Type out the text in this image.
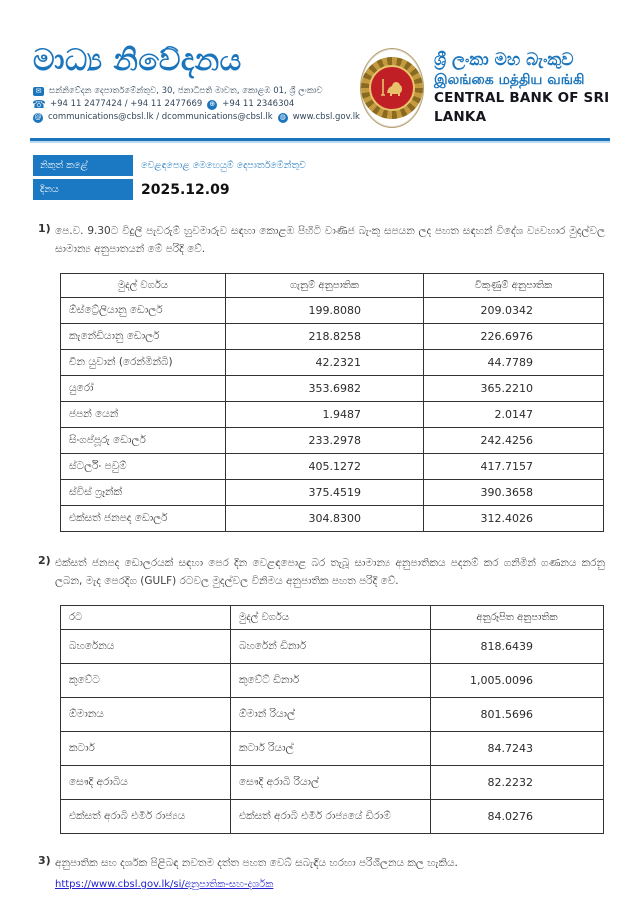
මාධ්‍ය නිවේදනය
✉ සන්නිවේදන දෙපාර්තමේන්තුව, 30, ජනාධිපති මාවත, කොළඹ 01, ශ්‍රී ලංකාව
☎ +94 11 2477424 / +94 11 2477669 ⊕ +94 11 2346304
@ communications@cbsl.lk / dcommunications@cbsl.lk ◍ www.cbsl.gov.lk
ශ්‍රී ලංකා මහ බැංකුව
இலங்கை மத்திய வங்கி
CENTRAL BANK OF SRI LANKA
නිකුත් කළේ	වෙළඳපොළ මෙහෙයුම් දෙපාර්තමේන්තුව
දිනය	2025.12.09
1) පෙ.ව. 9.30ට විදුලි පැවරුම් හුවමාරුව සඳහා කොළඹ පිහිටි වාණිජ බැංකු සපයන ලද පහත සඳහන් විදේශ ව්‍යවහාර මුදල්වල සාමාන්‍ය අනුපාතයන් මේ පරිදි වේ.

මුදල් වර්ගය	ගැනුම් අනුපාතික	විකුණුම් අනුපාතික
ඕස්ට්‍රේලියානු ඩොලර්	199.8080	209.0342
කැනේඩියානු ඩොලර්	218.8258	226.6976
චීන යුවාන් (රෙන්මින්බි)	42.2321	44.7789
යුරෝ	353.6982	365.2210
ජපන් යෙන්	1.9487	2.0147
සිංගප්පූරු ඩොලර්	233.2978	242.4256
ස්ටර්ලිං පවුම්	405.1272	417.7157
ස්විස් ෆ්‍රෑන්ක්	375.4519	390.3658
එක්සත් ජනපද ඩොලර්	304.8300	312.4026
2) එක්සත් ජනපද ඩොලරයක් සඳහා පෙර දින වෙළඳපොළ බර තැබූ සාමාන්‍ය අනුපාතිකය පදනම් කර ගනිමින් ගණනය කරනු ලබන, මැද පෙරදිග (GULF) රටවල මුදල්වල විනිමය අනුපාතික පහත පරිදි වේ.

රට	මුදල් වර්ගය	අනුරූපිත අනුපාතික
බහරේනය	බහරේන් ඩිනාර්	818.6439
කුවේට	කුවේට් ඩිනාර්	1,005.0096
ඕමානය	ඕමාන් රියාල්	801.5696
කටාර්	කටාර් රියාල්	84.7243
සෞදි අරාබිය	සෞදි අරාබි රියාල්	82.2232
එක්සත් අරාබි එමීර් රාජ්‍යය	එක්සත් අරාබි එමීර් රාජ්‍යයේ ඩිරාම්	84.0276
3) අනුපාතික සහ දර්ශක පිළිබඳ නවතම දත්ත පහත වෙබ් සබැඳිය හරහා පරිශීලනය කල හැකිය.

https://www.cbsl.gov.lk/si/අනුපාතික-සහ-දර්ශක
